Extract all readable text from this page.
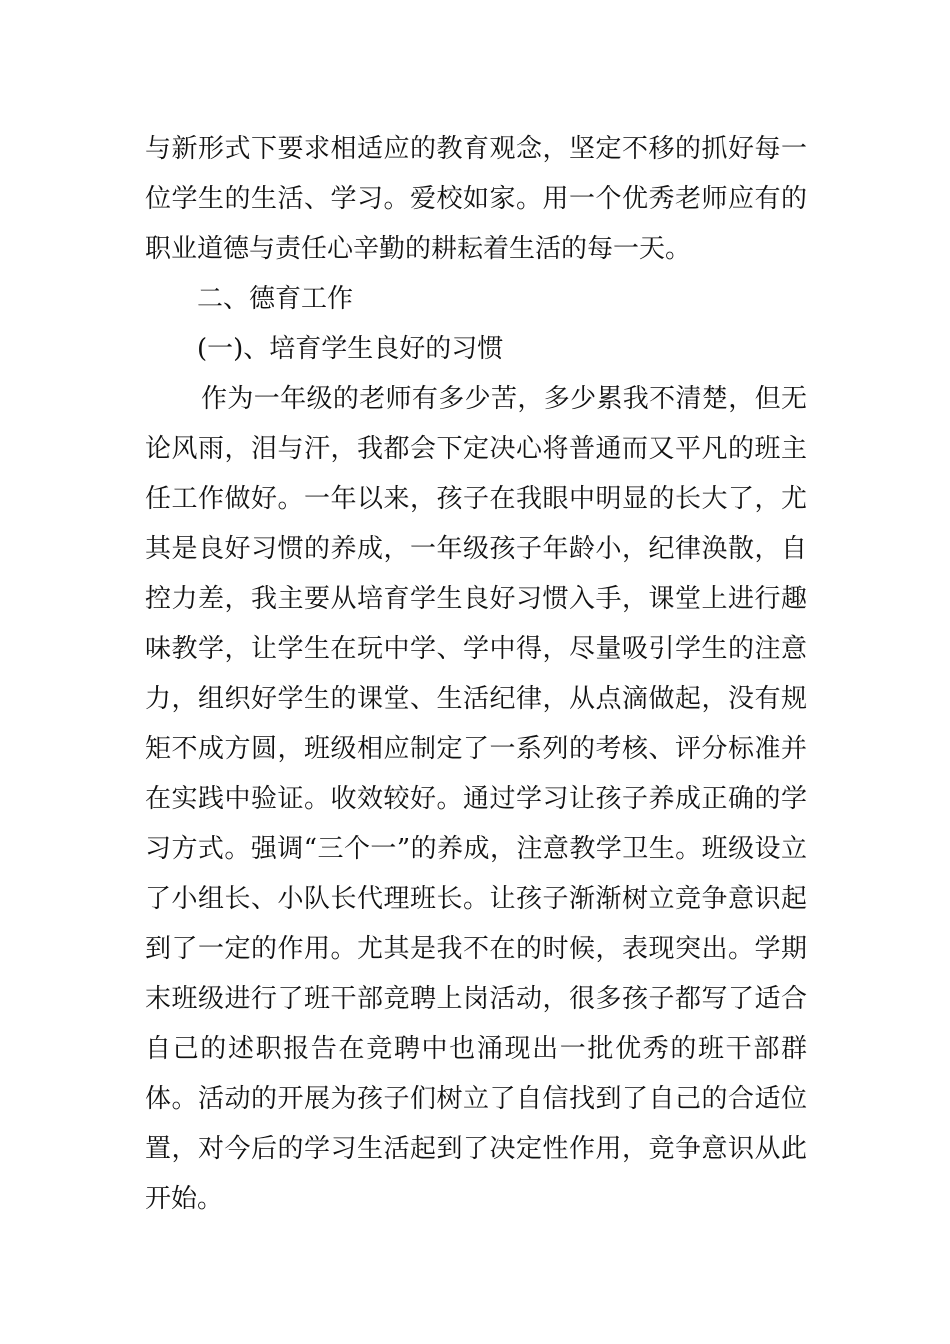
与新形式下要求相适应的教育观念，坚定不移的抓好每一位学生的生活、学习。爱校如家。用一个优秀老师应有的职业道德与责任心辛勤的耕耘着生活的每一天。

二、德育工作

(一)、培育学生良好的习惯

作为一年级的老师有多少苦，多少累我不清楚，但无论风雨，泪与汗，我都会下定决心将普通而又平凡的班主任工作做好。一年以来，孩子在我眼中明显的长大了，尤其是良好习惯的养成，一年级孩子年龄小，纪律涣散，自控力差，我主要从培育学生良好习惯入手，课堂上进行趣味教学，让学生在玩中学、学中得，尽量吸引学生的注意力，组织好学生的课堂、生活纪律，从点滴做起，没有规矩不成方圆，班级相应制定了一系列的考核、评分标准并在实践中验证。收效较好。通过学习让孩子养成正确的学习方式。强调“三个一”的养成，注意教学卫生。班级设立了小组长、小队长代理班长。让孩子渐渐树立竞争意识起到了一定的作用。尤其是我不在的时候，表现突出。学期末班级进行了班干部竞聘上岗活动，很多孩子都写了适合自己的述职报告在竞聘中也涌现出一批优秀的班干部群体。活动的开展为孩子们树立了自信找到了自己的合适位置，对今后的学习生活起到了决定性作用，竞争意识从此开始。
